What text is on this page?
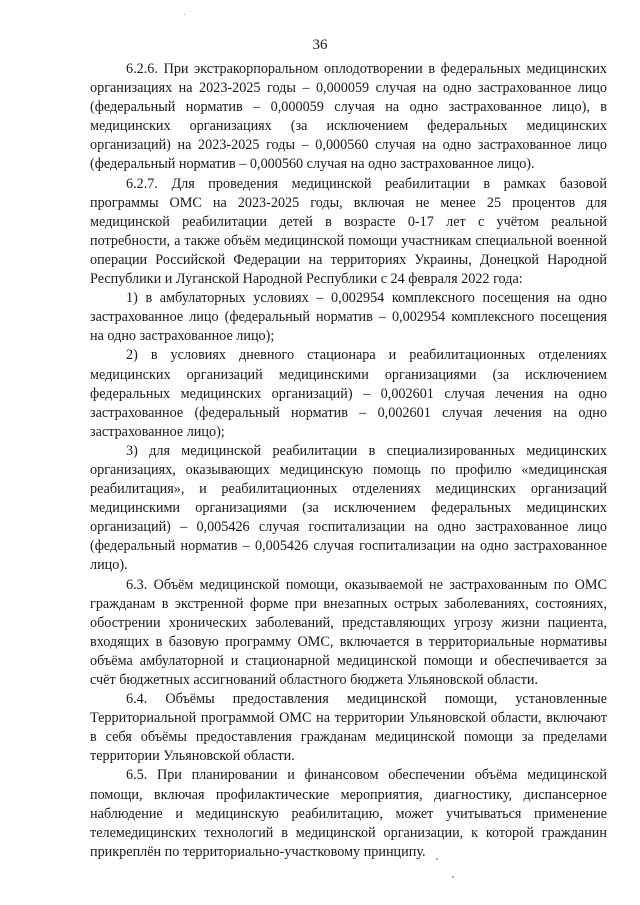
36

6.2.6. При экстракорпоральном оплодотворении в федеральных медицинских организациях на 2023-2025 годы – 0,000059 случая на одно застрахованное лицо (федеральный норматив – 0,000059 случая на одно застрахованное лицо), в медицинских организациях (за исключением федеральных медицинских организаций) на 2023-2025 годы – 0,000560 случая на одно застрахованное лицо (федеральный норматив – 0,000560 случая на одно застрахованное лицо).

6.2.7. Для проведения медицинской реабилитации в рамках базовой программы ОМС на 2023-2025 годы, включая не менее 25 процентов для медицинской реабилитации детей в возрасте 0-17 лет с учётом реальной потребности, а также объём медицинской помощи участникам специальной военной операции Российской Федерации на территориях Украины, Донецкой Народной Республики и Луганской Народной Республики с 24 февраля 2022 года:

1) в амбулаторных условиях – 0,002954 комплексного посещения на одно застрахованное лицо (федеральный норматив – 0,002954 комплексного посещения на одно застрахованное лицо);

2) в условиях дневного стационара и реабилитационных отделениях медицинских организаций медицинскими организациями (за исключением федеральных медицинских организаций) – 0,002601 случая лечения на одно застрахованное (федеральный норматив – 0,002601 случая лечения на одно застрахованное лицо);

3) для медицинской реабилитации в специализированных медицинских организациях, оказывающих медицинскую помощь по профилю «медицинская реабилитация», и реабилитационных отделениях медицинских организаций медицинскими организациями (за исключением федеральных медицинских организаций) – 0,005426 случая госпитализации на одно застрахованное лицо (федеральный норматив – 0,005426 случая госпитализации на одно застрахованное лицо).

6.3. Объём медицинской помощи, оказываемой не застрахованным по ОМС гражданам в экстренной форме при внезапных острых заболеваниях, состояниях, обострении хронических заболеваний, представляющих угрозу жизни пациента, входящих в базовую программу ОМС, включается в территориальные нормативы объёма амбулаторной и стационарной медицинской помощи и обеспечивается за счёт бюджетных ассигнований областного бюджета Ульяновской области.

6.4. Объёмы предоставления медицинской помощи, установленные Территориальной программой ОМС на территории Ульяновской области, включают в себя объёмы предоставления гражданам медицинской помощи за пределами территории Ульяновской области.

6.5. При планировании и финансовом обеспечении объёма медицинской помощи, включая профилактические мероприятия, диагностику, диспансерное наблюдение и медицинскую реабилитацию, может учитываться применение телемедицинских технологий в медицинской организации, к которой гражданин прикреплён по территориально-участковому принципу.
